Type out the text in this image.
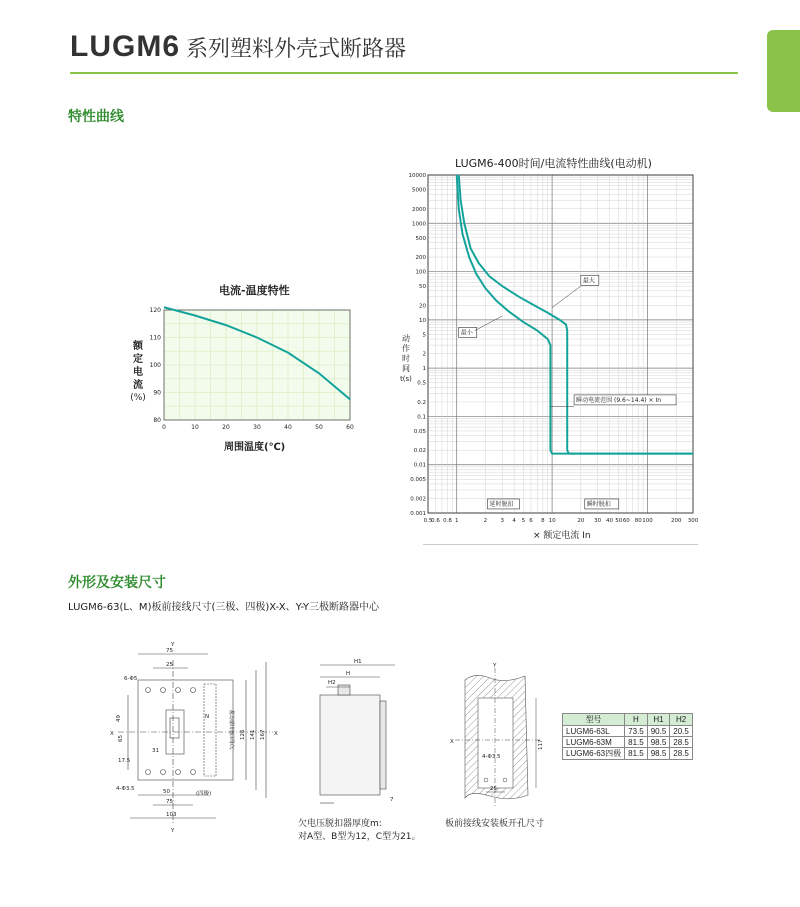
LUGM6 系列塑料外壳式断路器
特性曲线
电流-温度特性
额
定
电
流
(%)
周围温度(℃)
0	10	20	30	40	50	60
80
90
100
110
120
LUGM6-400时间/电流特性曲线(电动机)
动
作
时
间
t(s)
× 额定电流 In
10000
5000
2000
1000
500
200
100
50
20
10
5
2
1
0.5
0.2
0.1
0.05
0.02
0.01
0.005
0.002
0.001
0.5
0.6 0.8 1	2 3 4 5 6 8 10	20 30 40 50 60 80 100	200 300
最大
最小
瞬动电流范围 (9.6~14.4) × In
延时脱扣	瞬时脱扣
外形及安装尺寸
LUGM6-63(L、M)板前接线尺寸(三极、四极)X-X、Y-Y三极断路器中心
Y
75
25
6-Φ5
X	X
N
49
65
31
17.5
126 141 167
欠电压脱扣器位置
4-Φ3.5	50	(四极)
75
103
Y
H1
H
H2
7
欠电压脱扣器厚度m:
对A型、B型为12，C型为21。
Y
X	117
4-Φ3.5
25
板前接线安装板开孔尺寸
型号	H	H1	H2
LUGM6-63L	73.5	90.5	20.5
LUGM6-63M	81.5	98.5	28.5
LUGM6-63四极	81.5	98.5	28.5
